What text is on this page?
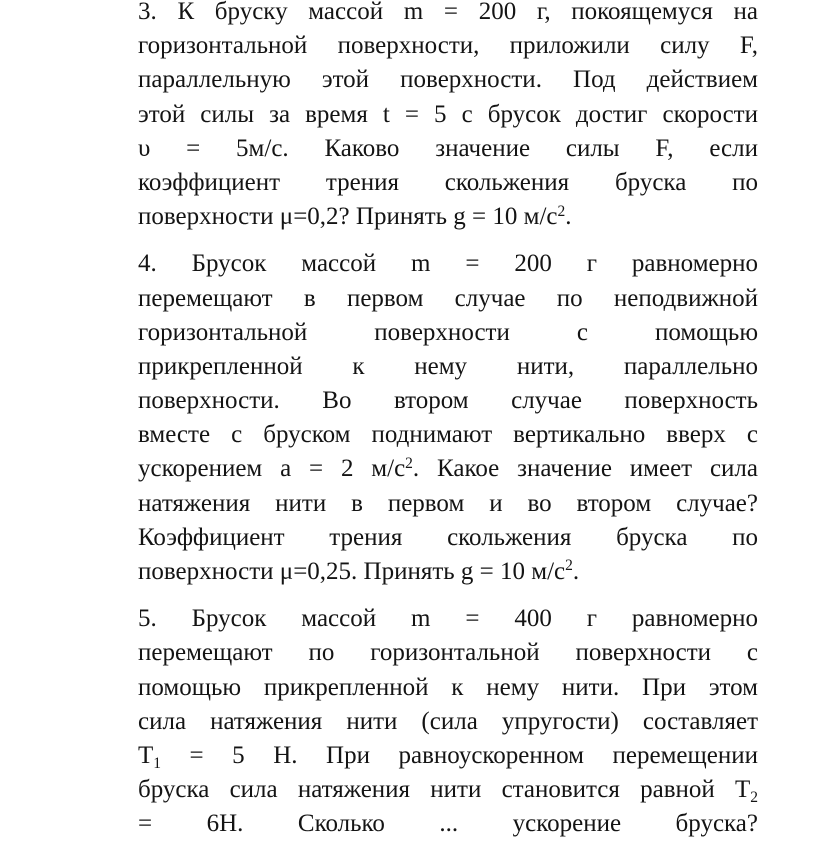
3. К бруску массой m = 200 г, покоящемуся на
горизонтальной поверхности, приложили силу F,
параллельную этой поверхности. Под действием
этой силы за время t = 5 с брусок достиг скорости
υ = 5м/с. Каково значение силы F, если
коэффициент трения скольжения бруска по
поверхности μ=0,2? Принять g = 10 $м/с^2$.
4. Брусок массой m = 200 г равномерно
перемещают в первом случае по неподвижной
горизонтальной поверхности с помощью
прикрепленной к нему нити, параллельно
поверхности. Во втором случае поверхность
вместе с бруском поднимают вертикально вверх с
ускорением a = 2 $м/с^2$. Какое значение имеет сила
натяжения нити в первом и во втором случае?
Коэффициент трения скольжения бруска по
поверхности μ=0,25. Принять g = 10 $м/с^2$.
5. Брусок массой m = 400 г равномерно
перемещают по горизонтальной поверхности с
помощью прикрепленной к нему нити. При этом
сила натяжения нити (сила упругости) составляет
$T_1 = 5$ Н. При равноускоренном перемещении
бруска сила натяжения нити становится равной $T_2$
= 6Н. Сколько ... ускорение бруска?
